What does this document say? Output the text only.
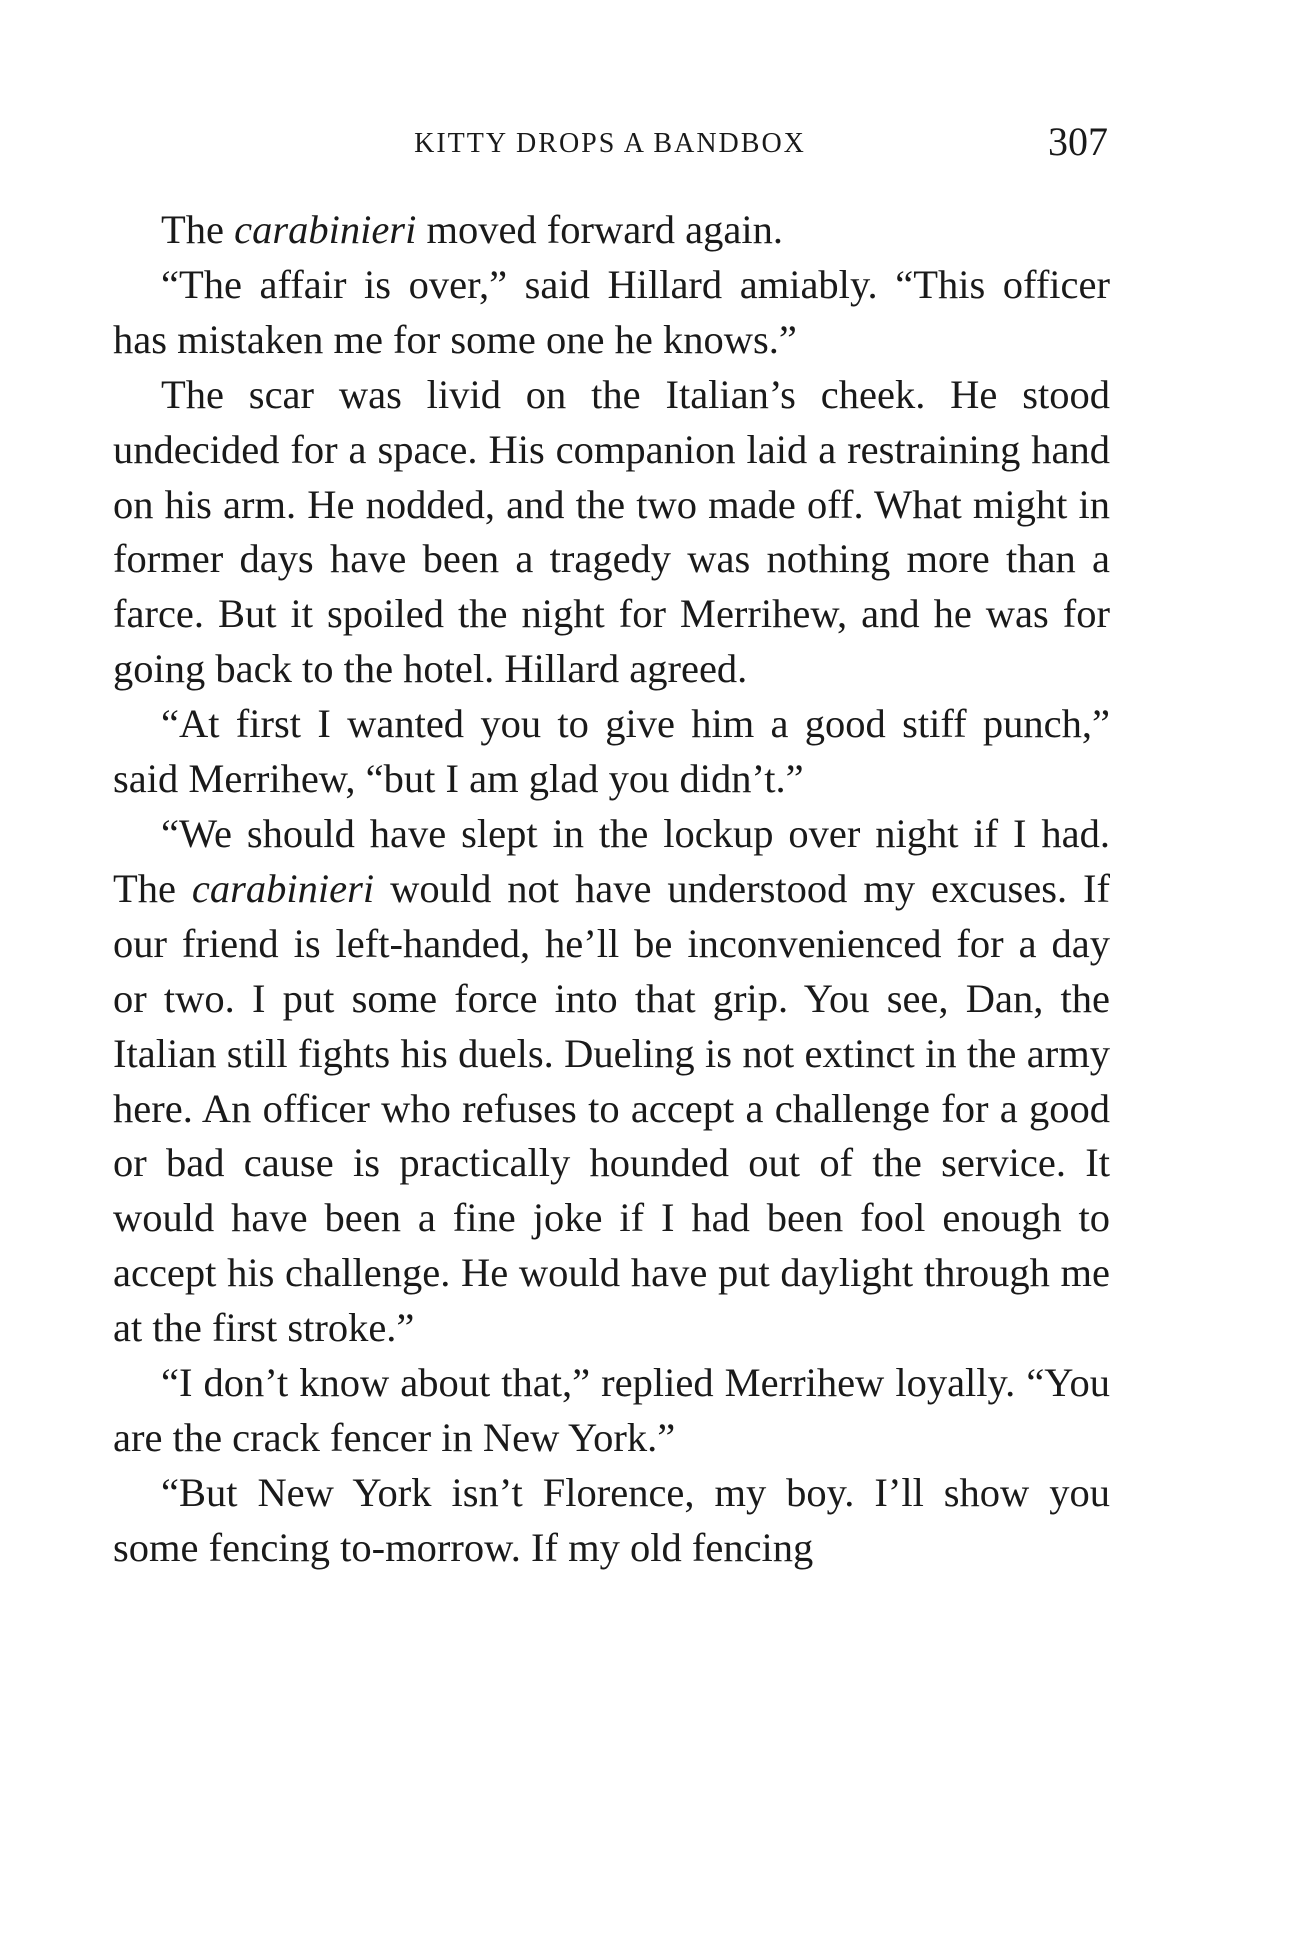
KITTY DROPS A BANDBOX	307

The carabinieri moved forward again.

“The affair is over,” said Hillard amiably. “This officer has mistaken me for some one he knows.”

The scar was livid on the Italian’s cheek. He stood undecided for a space. His companion laid a restraining hand on his arm. He nodded, and the two made off. What might in former days have been a tragedy was nothing more than a farce. But it spoiled the night for Merrihew, and he was for going back to the hotel. Hillard agreed.

“At first I wanted you to give him a good stiff punch,” said Merrihew, “but I am glad you didn’t.”

“We should have slept in the lockup over night if I had. The carabinieri would not have understood my excuses. If our friend is left-handed, he’ll be inconvenienced for a day or two. I put some force into that grip. You see, Dan, the Italian still fights his duels. Dueling is not extinct in the army here. An officer who refuses to accept a challenge for a good or bad cause is practically hounded out of the service. It would have been a fine joke if I had been fool enough to accept his challenge. He would have put daylight through me at the first stroke.”

“I don’t know about that,” replied Merrihew loyally. “You are the crack fencer in New York.”

“But New York isn’t Florence, my boy. I’ll show you some fencing to-morrow. If my old fencing
